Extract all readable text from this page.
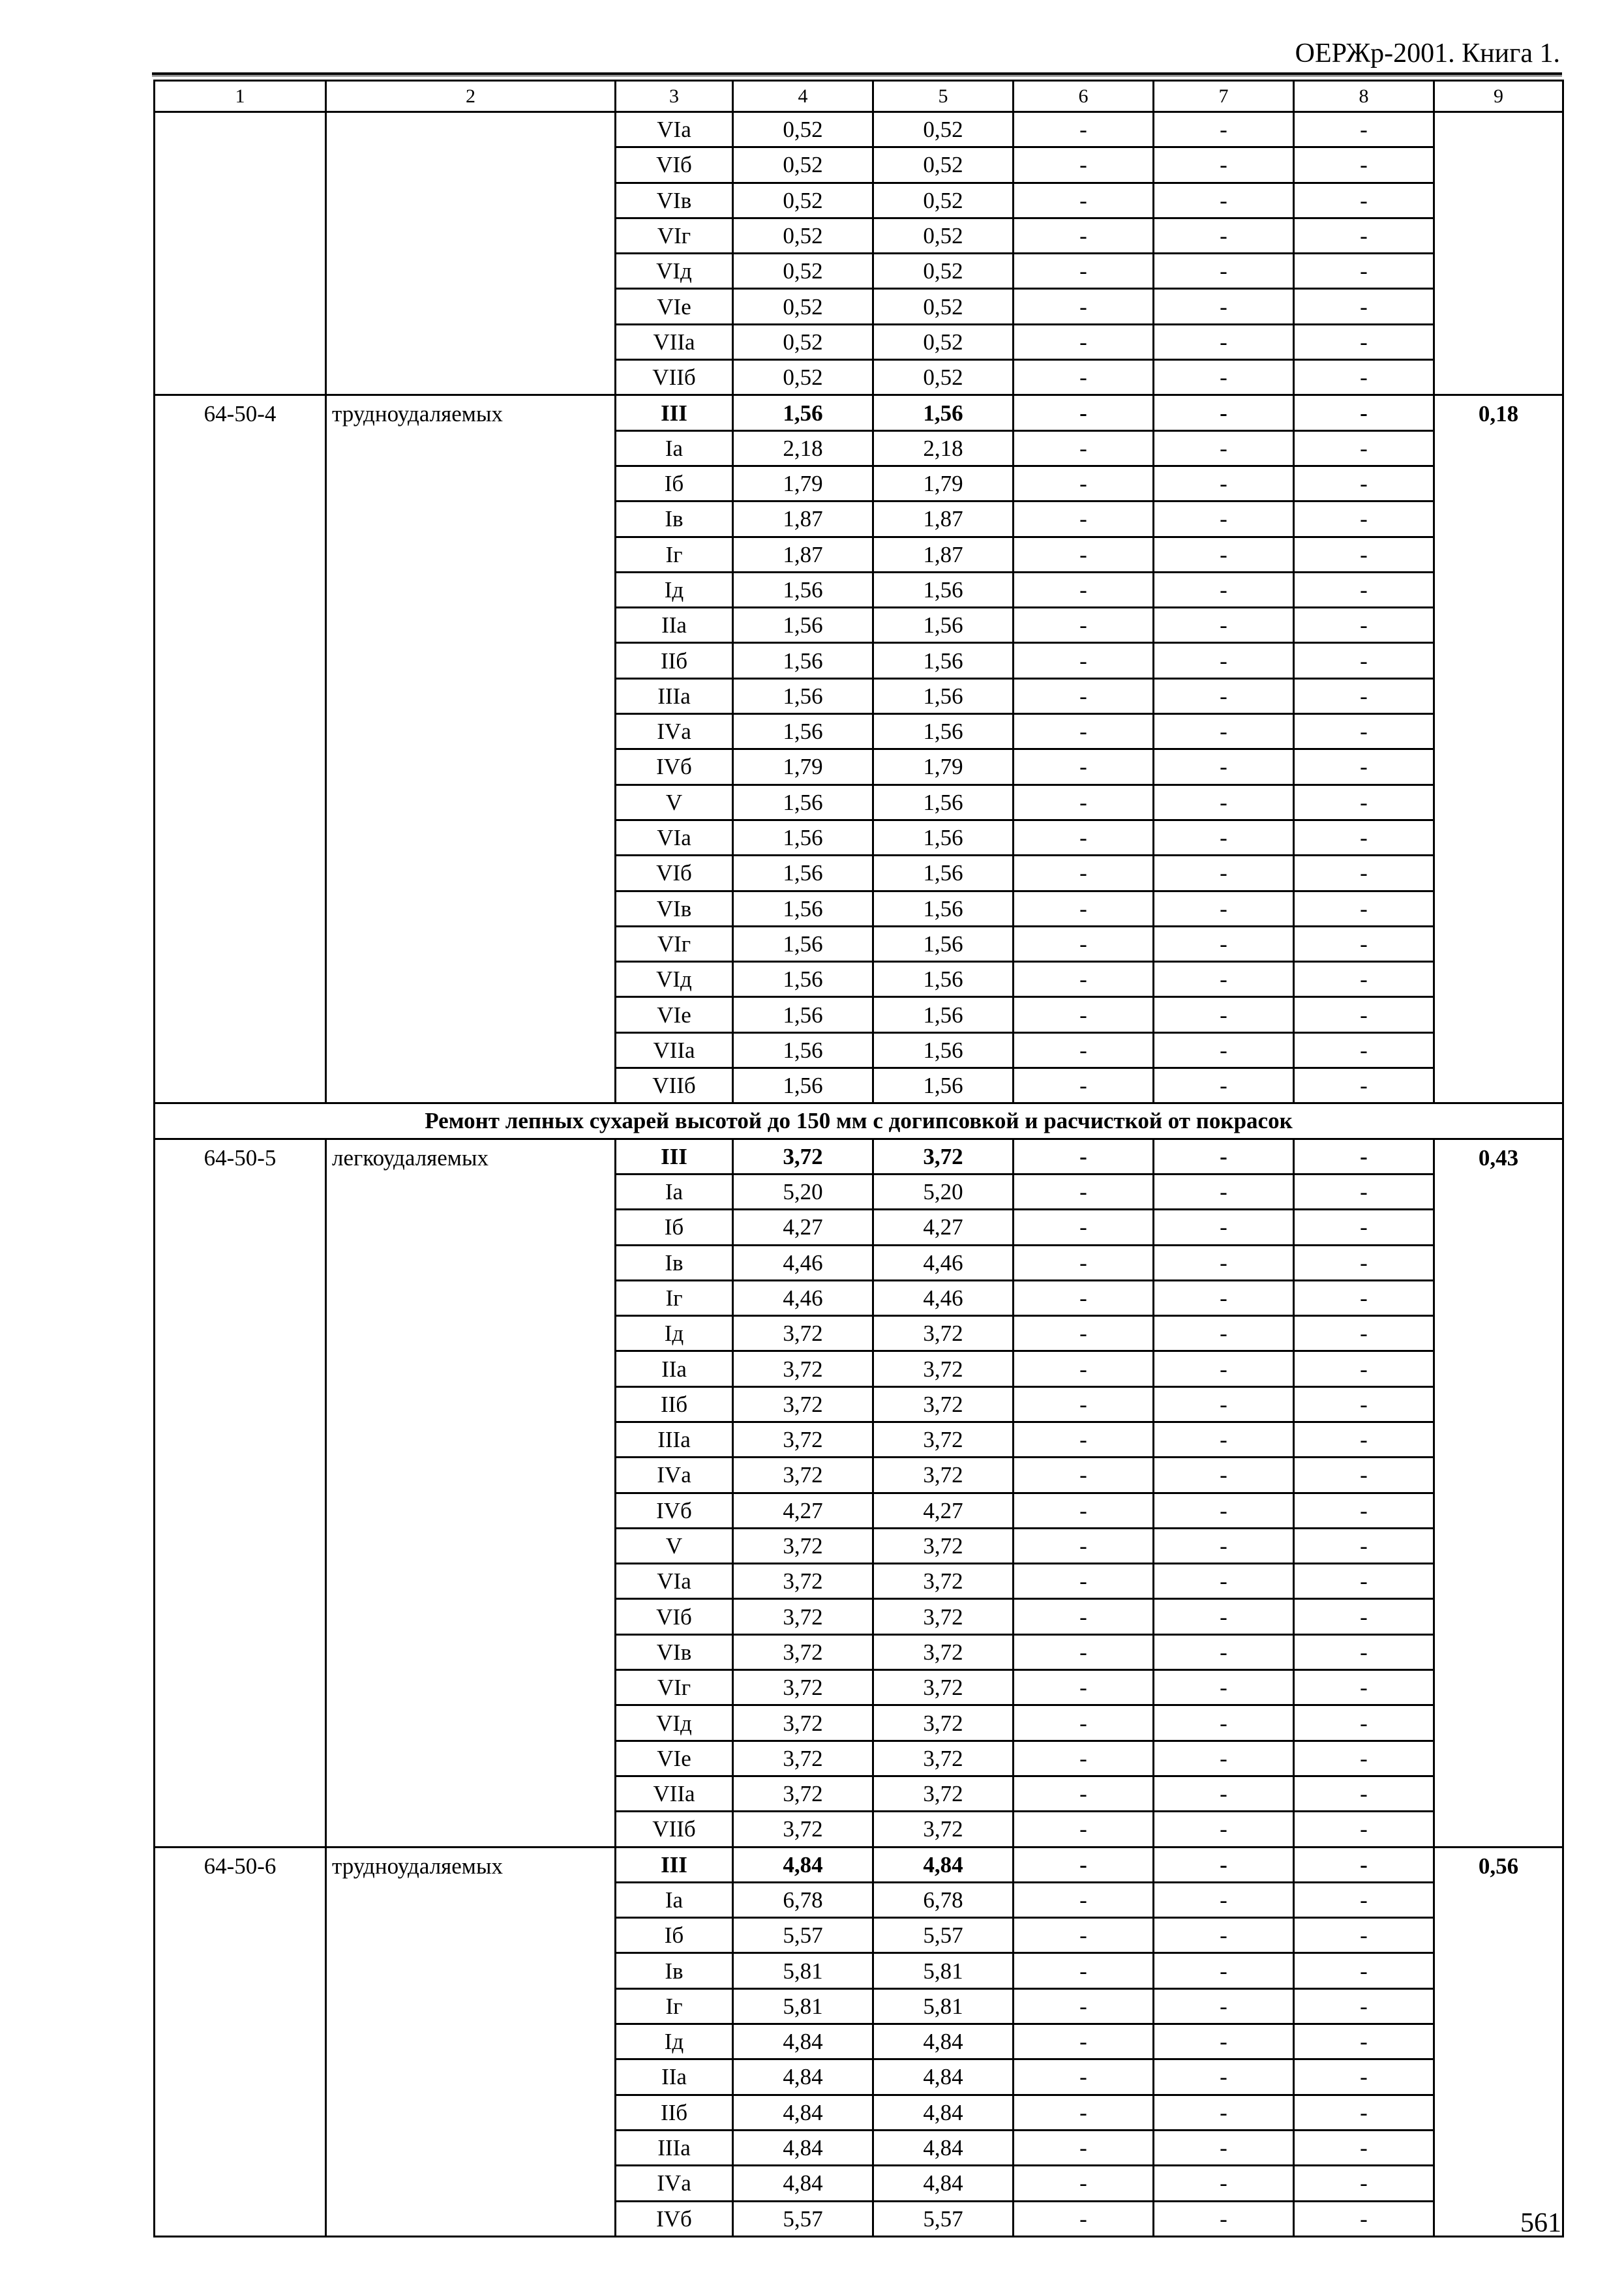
ОЕРЖр-2001. Книга 1.
1	2	3	4	5	6	7	8	9
		VIа	0,52	0,52	-	-	-	
		VIб	0,52	0,52	-	-	-	
		VIв	0,52	0,52	-	-	-	
		VIг	0,52	0,52	-	-	-	
		VIд	0,52	0,52	-	-	-	
		VIе	0,52	0,52	-	-	-	
		VIIа	0,52	0,52	-	-	-	
		VIIб	0,52	0,52	-	-	-	
64-50-4	трудноудаляемых	III	1,56	1,56	-	-	-	0,18
		Iа	2,18	2,18	-	-	-	
		Iб	1,79	1,79	-	-	-	
		Iв	1,87	1,87	-	-	-	
		Iг	1,87	1,87	-	-	-	
		Iд	1,56	1,56	-	-	-	
		IIа	1,56	1,56	-	-	-	
		IIб	1,56	1,56	-	-	-	
		IIIа	1,56	1,56	-	-	-	
		IVа	1,56	1,56	-	-	-	
		IVб	1,79	1,79	-	-	-	
		V	1,56	1,56	-	-	-	
		VIа	1,56	1,56	-	-	-	
		VIб	1,56	1,56	-	-	-	
		VIв	1,56	1,56	-	-	-	
		VIг	1,56	1,56	-	-	-	
		VIд	1,56	1,56	-	-	-	
		VIе	1,56	1,56	-	-	-	
		VIIа	1,56	1,56	-	-	-	
		VIIб	1,56	1,56	-	-	-	
Ремонт лепных сухарей высотой до 150 мм с догипсовкой и расчисткой от покрасок								
64-50-5	легкоудаляемых	III	3,72	3,72	-	-	-	0,43
		Iа	5,20	5,20	-	-	-	
		Iб	4,27	4,27	-	-	-	
		Iв	4,46	4,46	-	-	-	
		Iг	4,46	4,46	-	-	-	
		Iд	3,72	3,72	-	-	-	
		IIа	3,72	3,72	-	-	-	
		IIб	3,72	3,72	-	-	-	
		IIIа	3,72	3,72	-	-	-	
		IVа	3,72	3,72	-	-	-	
		IVб	4,27	4,27	-	-	-	
		V	3,72	3,72	-	-	-	
		VIа	3,72	3,72	-	-	-	
		VIб	3,72	3,72	-	-	-	
		VIв	3,72	3,72	-	-	-	
		VIг	3,72	3,72	-	-	-	
		VIд	3,72	3,72	-	-	-	
		VIе	3,72	3,72	-	-	-	
		VIIа	3,72	3,72	-	-	-	
		VIIб	3,72	3,72	-	-	-	
64-50-6	трудноудаляемых	III	4,84	4,84	-	-	-	0,56
		Iа	6,78	6,78	-	-	-	
		Iб	5,57	5,57	-	-	-	
		Iв	5,81	5,81	-	-	-	
		Iг	5,81	5,81	-	-	-	
		Iд	4,84	4,84	-	-	-	
		IIа	4,84	4,84	-	-	-	
		IIб	4,84	4,84	-	-	-	
		IIIа	4,84	4,84	-	-	-	
		IVа	4,84	4,84	-	-	-	
		IVб	5,57	5,57	-	-	-		561
